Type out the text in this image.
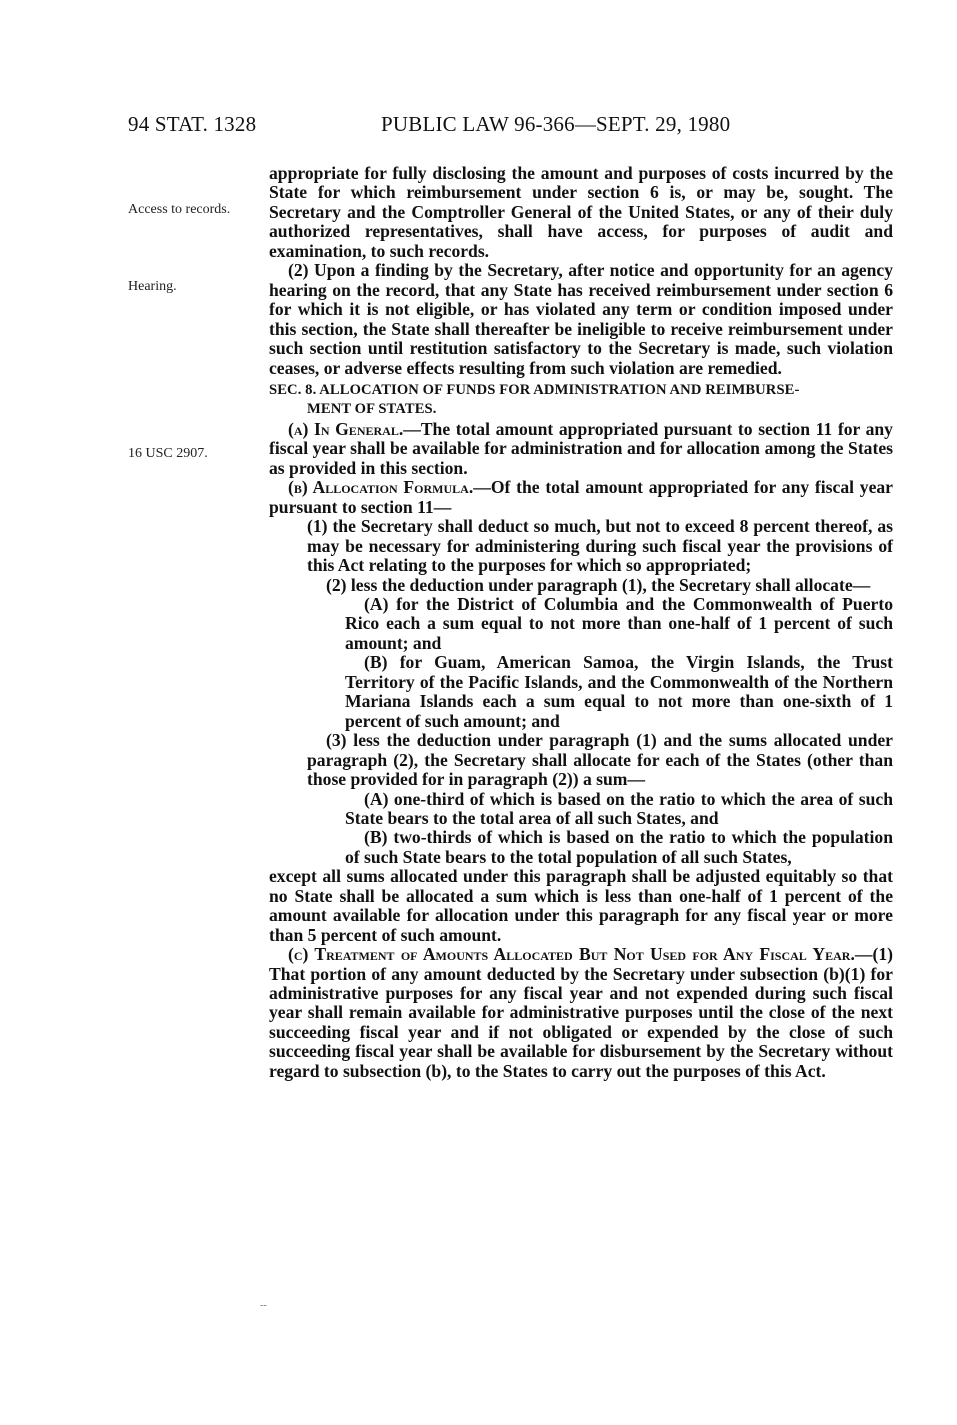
94 STAT. 1328	PUBLIC LAW 96-366—SEPT. 29, 1980
Access to records.
Hearing.
16 USC 2907.

appropriate for fully disclosing the amount and purposes of costs incurred by the State for which reimbursement under section 6 is, or may be, sought. The Secretary and the Comptroller General of the United States, or any of their duly authorized representatives, shall have access, for purposes of audit and examination, to such records.

(2) Upon a finding by the Secretary, after notice and opportunity for an agency hearing on the record, that any State has received reimbursement under section 6 for which it is not eligible, or has violated any term or condition imposed under this section, the State shall thereafter be ineligible to receive reimbursement under such section until restitution satisfactory to the Secretary is made, such violation ceases, or adverse effects resulting from such violation are remedied.

SEC. 8. ALLOCATION OF FUNDS FOR ADMINISTRATION AND REIMBURSE-
MENT OF STATES.

(a) In General.—The total amount appropriated pursuant to section 11 for any fiscal year shall be available for administration and for allocation among the States as provided in this section.

(b) Allocation Formula.—Of the total amount appropriated for any fiscal year pursuant to section 11—

(1) the Secretary shall deduct so much, but not to exceed 8 percent thereof, as may be necessary for administering during such fiscal year the provisions of this Act relating to the purposes for which so appropriated;

(2) less the deduction under paragraph (1), the Secretary shall allocate—

(A) for the District of Columbia and the Commonwealth of Puerto Rico each a sum equal to not more than one-half of 1 percent of such amount; and

(B) for Guam, American Samoa, the Virgin Islands, the Trust Territory of the Pacific Islands, and the Commonwealth of the Northern Mariana Islands each a sum equal to not more than one-sixth of 1 percent of such amount; and

(3) less the deduction under paragraph (1) and the sums allocated under paragraph (2), the Secretary shall allocate for each of the States (other than those provided for in paragraph (2)) a sum—

(A) one-third of which is based on the ratio to which the area of such State bears to the total area of all such States, and

(B) two-thirds of which is based on the ratio to which the population of such State bears to the total population of all such States,

except all sums allocated under this paragraph shall be adjusted equitably so that no State shall be allocated a sum which is less than one-half of 1 percent of the amount available for allocation under this paragraph for any fiscal year or more than 5 percent of such amount.

(c) Treatment of Amounts Allocated But Not Used for Any Fiscal Year.—(1) That portion of any amount deducted by the Secretary under subsection (b)(1) for administrative purposes for any fiscal year and not expended during such fiscal year shall remain available for administrative purposes until the close of the next succeeding fiscal year and if not obligated or expended by the close of such succeeding fiscal year shall be available for disbursement by the Secretary without regard to subsection (b), to the States to carry out the purposes of this Act.

--
